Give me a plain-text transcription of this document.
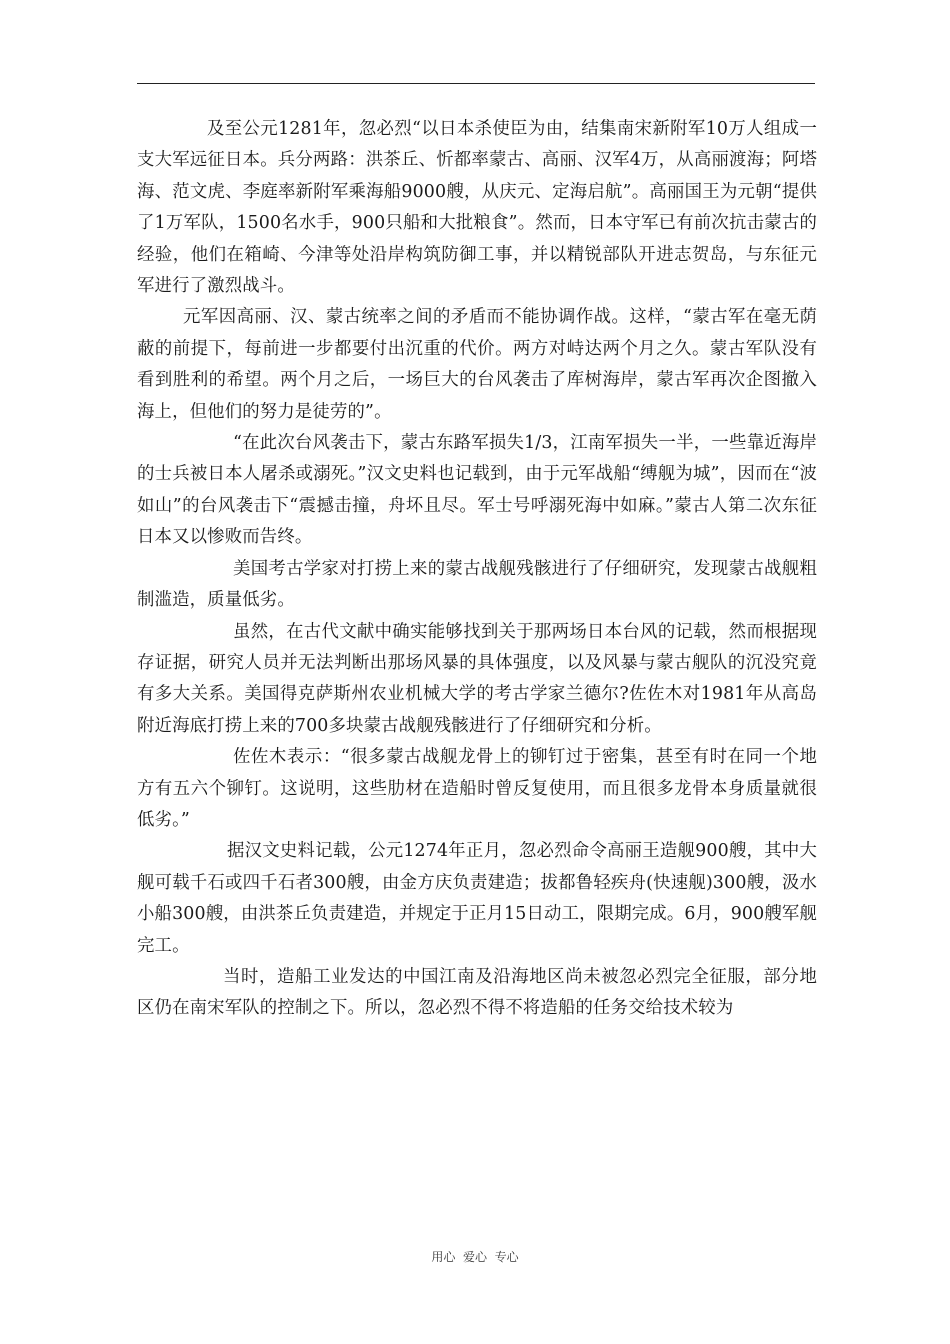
及至公元1281年，忽必烈“以日本杀使臣为由，结集南宋新附军10万人组成一支大军远征日本。兵分两路：洪茶丘、忻都率蒙古、高丽、汉军4万，从高丽渡海；阿塔海、范文虎、李庭率新附军乘海船9000艘，从庆元、定海启航”。高丽国王为元朝“提供了1万军队，1500名水手，900只船和大批粮食”。然而，日本守军已有前次抗击蒙古的经验，他们在箱崎、今津等处沿岸构筑防御工事，并以精锐部队开进志贺岛，与东征元军进行了激烈战斗。

元军因高丽、汉、蒙古统率之间的矛盾而不能协调作战。这样，“蒙古军在毫无荫蔽的前提下，每前进一步都要付出沉重的代价。两方对峙达两个月之久。蒙古军队没有看到胜利的希望。两个月之后，一场巨大的台风袭击了库树海岸，蒙古军再次企图撤入海上，但他们的努力是徒劳的”。

“在此次台风袭击下，蒙古东路军损失1/3，江南军损失一半，一些靠近海岸的士兵被日本人屠杀或溺死。”汉文史料也记载到，由于元军战船“缚舰为城”，因而在“波如山”的台风袭击下“震撼击撞，舟坏且尽。军士号呼溺死海中如麻。”蒙古人第二次东征日本又以惨败而告终。

美国考古学家对打捞上来的蒙古战舰残骸进行了仔细研究，发现蒙古战舰粗制滥造，质量低劣。

虽然，在古代文献中确实能够找到关于那两场日本台风的记载，然而根据现存证据，研究人员并无法判断出那场风暴的具体强度，以及风暴与蒙古舰队的沉没究竟有多大关系。美国得克萨斯州农业机械大学的考古学家兰德尔?佐佐木对1981年从高岛附近海底打捞上来的700多块蒙古战舰残骸进行了仔细研究和分析。

佐佐木表示：“很多蒙古战舰龙骨上的铆钉过于密集，甚至有时在同一个地方有五六个铆钉。这说明，这些肋材在造船时曾反复使用，而且很多龙骨本身质量就很低劣。”

据汉文史料记载，公元1274年正月，忽必烈命令高丽王造舰900艘，其中大舰可载千石或四千石者300艘，由金方庆负责建造；拔都鲁轻疾舟(快速舰)300艘，汲水小船300艘，由洪茶丘负责建造，并规定于正月15日动工，限期完成。6月，900艘军舰完工。

当时，造船工业发达的中国江南及沿海地区尚未被忽必烈完全征服，部分地区仍在南宋军队的控制之下。所以，忽必烈不得不将造船的任务交给技术较为

用心  爱心  专心
